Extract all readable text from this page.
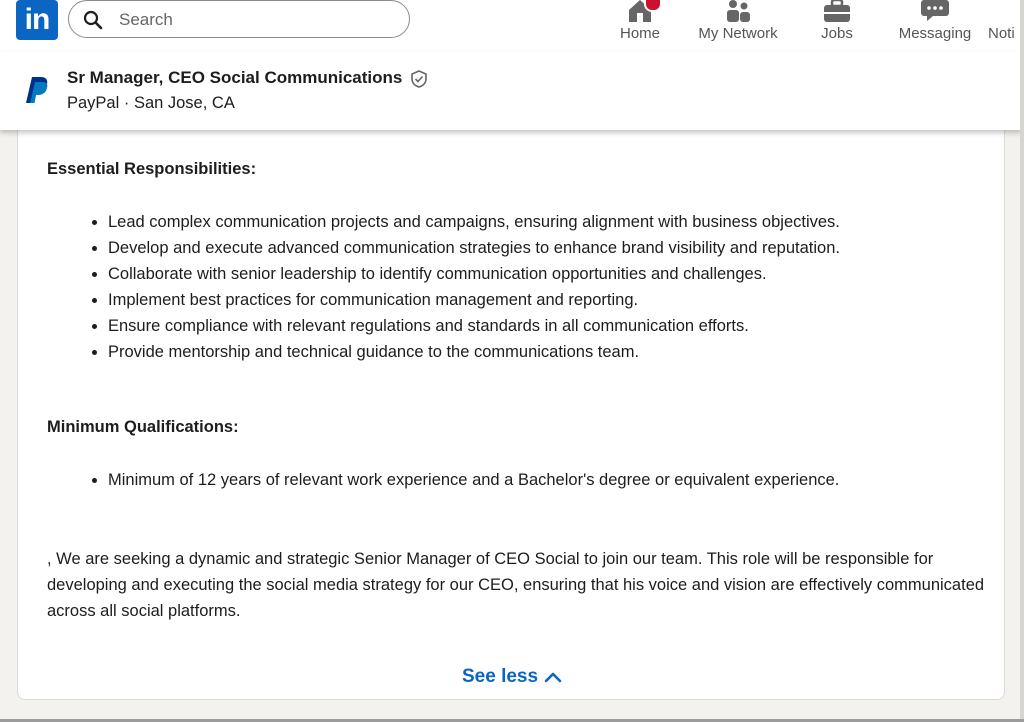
in
Search	Home	My Network	Jobs	Messaging	Noti
Sr Manager, CEO Social Communications
PayPal · San Jose, CA
Essential Responsibilities:
• Lead complex communication projects and campaigns, ensuring alignment with business objectives.
• Develop and execute advanced communication strategies to enhance brand visibility and reputation.
• Collaborate with senior leadership to identify communication opportunities and challenges.
• Implement best practices for communication management and reporting.
• Ensure compliance with relevant regulations and standards in all communication efforts.
• Provide mentorship and technical guidance to the communications team.
Minimum Qualifications:
• Minimum of 12 years of relevant work experience and a Bachelor's degree or equivalent experience.

, We are seeking a dynamic and strategic Senior Manager of CEO Social to join our team. This role will be responsible for developing and executing the social media strategy for our CEO, ensuring that his voice and vision are effectively communicated across all social platforms.

See less
